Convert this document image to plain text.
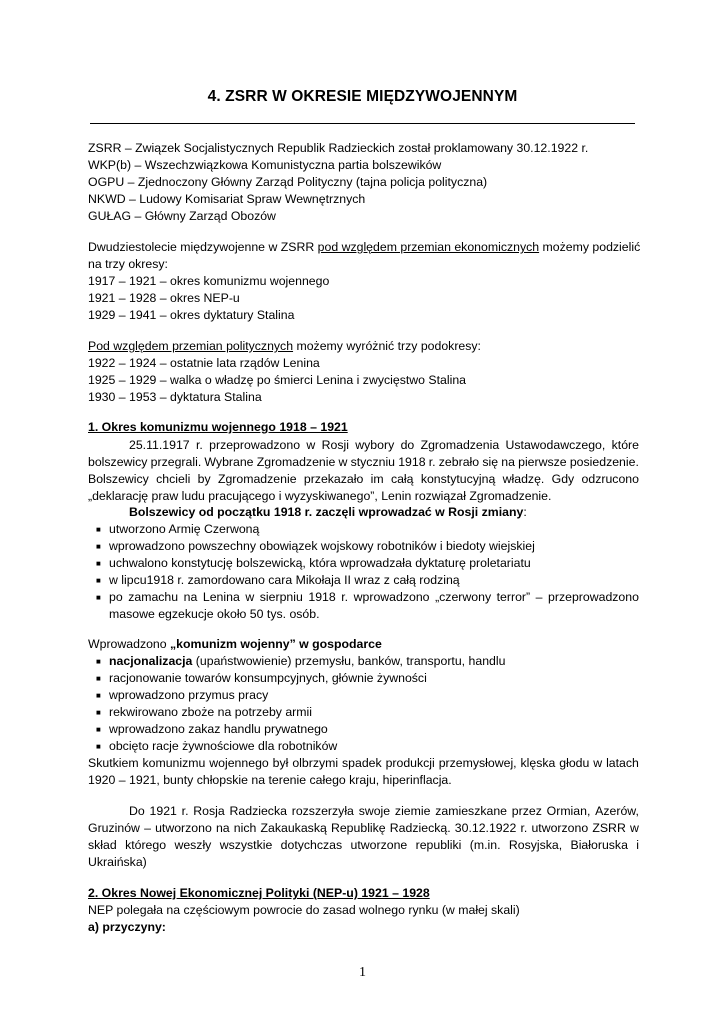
4. ZSRR W OKRESIE MIĘDZYWOJENNYM
ZSRR – Związek Socjalistycznych Republik Radzieckich został proklamowany 30.12.1922 r.
WKP(b) – Wszechzwiązkowa Komunistyczna partia bolszewików
OGPU – Zjednoczony Główny Zarząd Polityczny (tajna policja polityczna)
NKWD – Ludowy Komisariat Spraw Wewnętrznych
GUŁAG – Główny Zarząd Obozów
Dwudziestolecie międzywojenne w ZSRR pod względem przemian ekonomicznych możemy podzielić
na trzy okresy:
1917 – 1921 – okres komunizmu wojennego
1921 – 1928 – okres NEP-u
1929 – 1941 – okres dyktatury Stalina
Pod względem przemian politycznych możemy wyróżnić trzy podokresy:
1922 – 1924 – ostatnie lata rządów Lenina
1925 – 1929 – walka o władzę po śmierci Lenina i zwycięstwo Stalina
1930 – 1953 – dyktatura Stalina
1. Okres komunizmu wojennego 1918 – 1921
25.11.1917 r. przeprowadzono w Rosji wybory do Zgromadzenia Ustawodawczego, które
bolszewicy przegrali. Wybrane Zgromadzenie w styczniu 1918 r. zebrało się na pierwsze posiedzenie.
Bolszewicy chcieli by Zgromadzenie przekazało im całą konstytucyjną władzę. Gdy odzrucono
„deklarację praw ludu pracującego i wyzyskiwanego”, Lenin rozwiązał Zgromadzenie.
Bolszewicy od początku 1918 r. zaczęli wprowadzać w Rosji zmiany:
■ utworzono Armię Czerwoną
■ wprowadzono powszechny obowiązek wojskowy robotników i biedoty wiejskiej
■ uchwalono konstytucję bolszewicką, która wprowadzała dyktaturę proletariatu
■ w lipcu1918 r. zamordowano cara Mikołaja II wraz z całą rodziną
■ po zamachu na Lenina w sierpniu 1918 r. wprowadzono „czerwony terror” – przeprowadzono
masowe egzekucje około 50 tys. osób.
Wprowadzono „komunizm wojenny” w gospodarce
■ nacjonalizacja (upaństwowienie) przemysłu, banków, transportu, handlu
■ racjonowanie towarów konsumpcyjnych, głównie żywności
■ wprowadzono przymus pracy
■ rekwirowano zboże na potrzeby armii
■ wprowadzono zakaz handlu prywatnego
■ obcięto racje żywnościowe dla robotników
Skutkiem komunizmu wojennego był olbrzymi spadek produkcji przemysłowej, klęska głodu w latach
1920 – 1921, bunty chłopskie na terenie całego kraju, hiperinflacja.
Do 1921 r. Rosja Radziecka rozszerzyła swoje ziemie zamieszkane przez Ormian, Azerów,
Gruzinów – utworzono na nich Zakaukaską Republikę Radziecką. 30.12.1922 r. utworzono ZSRR w
skład którego weszły wszystkie dotychczas utworzone republiki (m.in. Rosyjska, Białoruska i
Ukraińska)
2. Okres Nowej Ekonomicznej Polityki (NEP-u) 1921 – 1928
NEP polegała na częściowym powrocie do zasad wolnego rynku (w małej skali)
a) przyczyny:
1
